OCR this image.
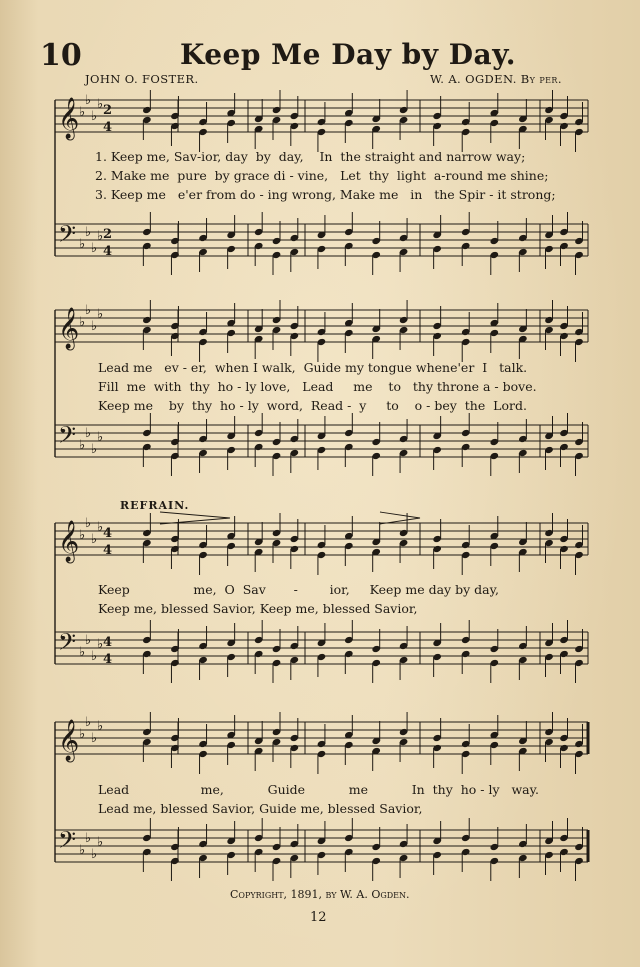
10	Keep Me Day by Day.
JOHN O. FOSTER.	W. A. OGDEN. By per.
𝄞 ♭
♭
♭
♭ 2
4
𝄢 ♭
♭
♭
♭ 2
4
𝄞 ♭
♭
♭
♭
𝄢 ♭
♭
♭
♭
𝄞 ♭
♭
♭
♭ 4
4
𝄢 ♭
♭
♭
♭ 4
4
𝄞 ♭
♭
♭
♭
𝄢 ♭
♭
♭
♭
1. Keep me, Sav-ior, day  by  day,    In  the straight and narrow way;
2. Make me  pure  by grace di - vine,   Let  thy  light  a-round me shine;
3. Keep me   e'er from do - ing wrong, Make me   in   the Spir - it strong;
Lead me   ev - er,  when I walk,  Guide my tongue whene'er  I   talk.
Fill  me  with  thy  ho - ly love,   Lead     me    to   thy throne a - bove.
Keep me    by  thy  ho - ly  word,  Read -  y     to    o - bey  the  Lord.
REFRAIN.
Keep                me,  O  Sav       -        ior,     Keep me day by day,
Keep me, blessed Savior, Keep me, blessed Savior,
Lead                  me,           Guide           me           In  thy  ho - ly   way.
Lead me, blessed Savior, Guide me, blessed Savior,
Copyright, 1891, by W. A. Ogden.
12
